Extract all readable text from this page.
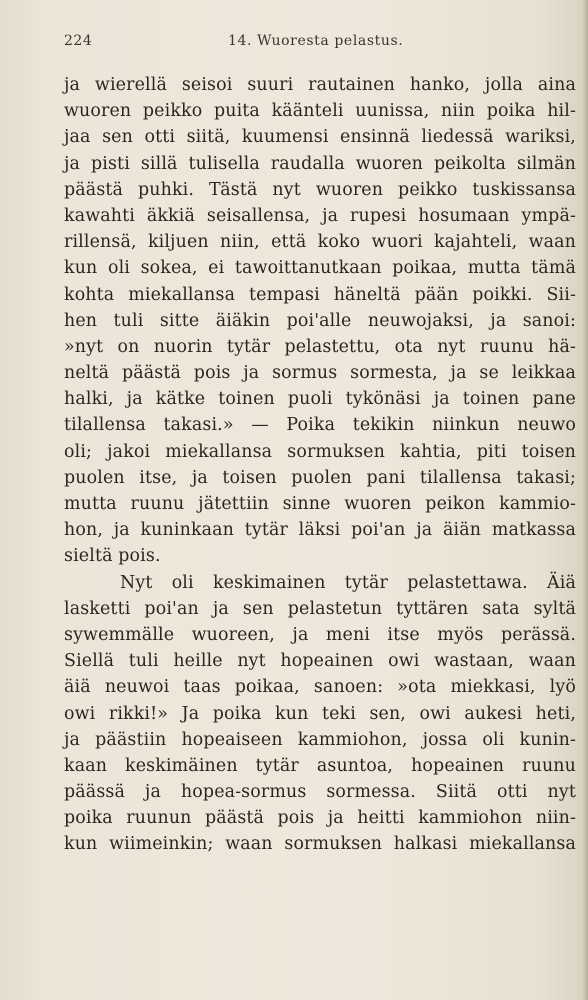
224	14. Wuoresta pelastus.
ja wierellä seisoi suuri rautainen hanko, jolla aina
wuoren peikko puita käänteli uunissa, niin poika hil-
jaa sen otti siitä, kuumensi ensinnä liedessä wariksi,
ja pisti sillä tulisella raudalla wuoren peikolta silmän
päästä puhki. Tästä nyt wuoren peikko tuskissansa
kawahti äkkiä seisallensa, ja rupesi hosumaan ympä-
rillensä, kiljuen niin, että koko wuori kajahteli, waan
kun oli sokea, ei tawoittanutkaan poikaa, mutta tämä
kohta miekallansa tempasi häneltä pään poikki. Sii-
hen tuli sitte äiäkin poi'alle neuwojaksi, ja sanoi:
»nyt on nuorin tytär pelastettu, ota nyt ruunu hä-
neltä päästä pois ja sormus sormesta, ja se leikkaa
halki, ja kätke toinen puoli tykönäsi ja toinen pane
tilallensa takasi.» — Poika tekikin niinkun neuwo
oli; jakoi miekallansa sormuksen kahtia, piti toisen
puolen itse, ja toisen puolen pani tilallensa takasi;
mutta ruunu jätettiin sinne wuoren peikon kammio-
hon, ja kuninkaan tytär läksi poi'an ja äiän matkassa
sieltä pois.
Nyt oli keskimainen tytär pelastettawa. Äiä
lasketti poi'an ja sen pelastetun tyttären sata syltä
sywemmälle wuoreen, ja meni itse myös perässä.
Siellä tuli heille nyt hopeainen owi wastaan, waan
äiä neuwoi taas poikaa, sanoen: »ota miekkasi, lyö
owi rikki!» Ja poika kun teki sen, owi aukesi heti,
ja päästiin hopeaiseen kammiohon, jossa oli kunin-
kaan keskimäinen tytär asuntoa, hopeainen ruunu
päässä ja hopea-sormus sormessa. Siitä otti nyt
poika ruunun päästä pois ja heitti kammiohon niin-
kun wiimeinkin; waan sormuksen halkasi miekallansa
